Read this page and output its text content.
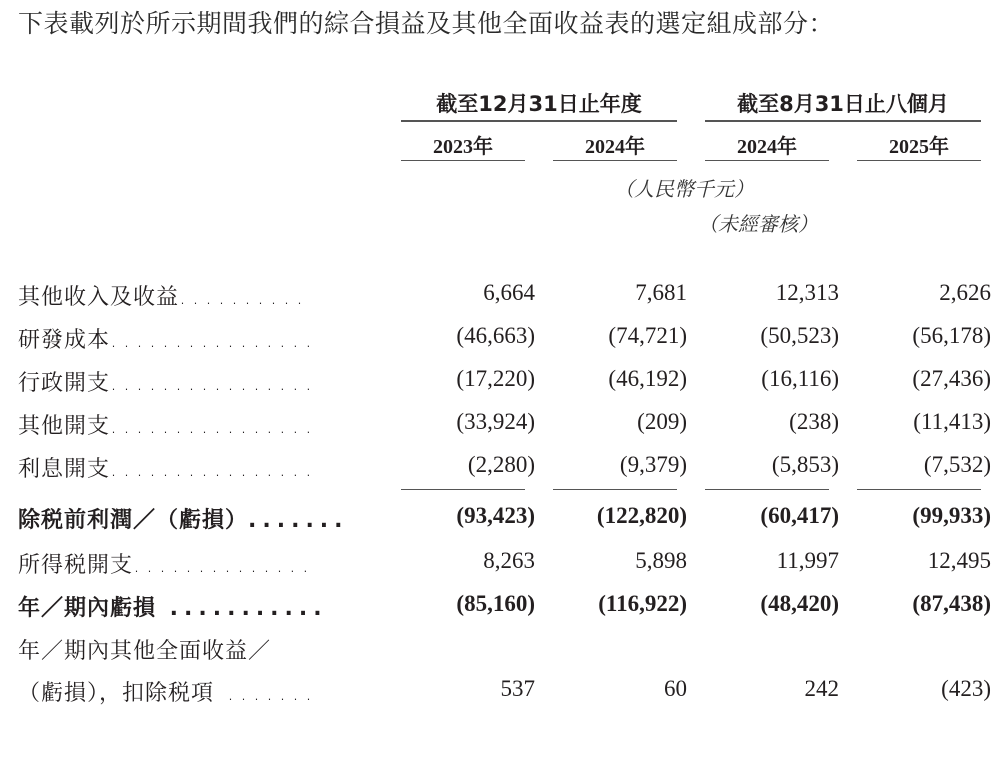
下表載列於所示期間我們的綜合損益及其他全面收益表的選定組成部分：
截至12月31日止年度	截至8月31日止八個月
2023年	2024年	2024年	2025年
（人民幣千元）
（未經審核）
其他收入及收益..........	6,664	7,681	12,313	2,626
研發成本................	(46,663)	(74,721)	(50,523)	(56,178)
行政開支................	(17,220)	(46,192)	(16,116)	(27,436)
其他開支................	(33,924)	(209)	(238)	(11,413)
利息開支................	(2,280)	(9,379)	(5,853)	(7,532)
除税前利潤／（虧損）.......	(93,423)	(122,820)	(60,417)	(99,933)
所得税開支..............	8,263	5,898	11,997	12,495
年／期內虧損 ...........	(85,160)	(116,922)	(48,420)	(87,438)
年／期內其他全面收益／
（虧損），扣除税項 .......	537	60	242	(423)
